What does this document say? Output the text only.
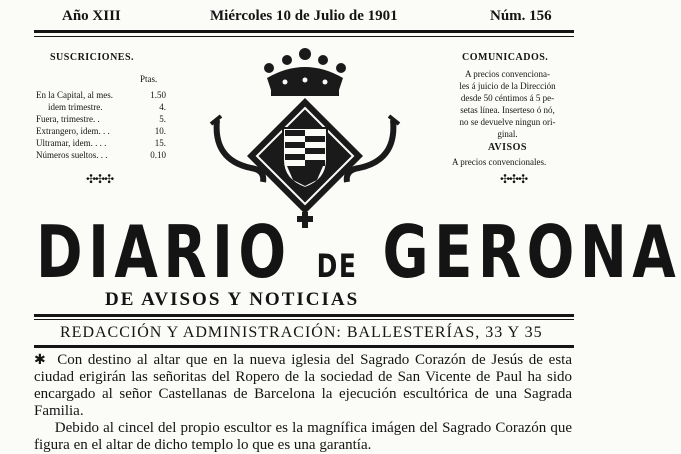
Año XIII	Miércoles 10 de Julio de 1901	Núm. 156
SUSCRICIONES.
Ptas.
En la Capital, al mes.	1.50
idem trimestre.	4.
Fuera, trimestre. .	5.
Extrangero, idem. . .	10.
Ultramar, idem. . . .	15.
Números sueltos. . .	0.10
✣✣✣
COMUNICADOS.
A precios convenciona-
les á juicio de la Dirección
desde 50 céntimos á 5 pe-
setas línea. Inserteso ó nó,
no se devuelve ningun ori-
ginal.
AVISOS
A precios convencionales.
✣✣✣
DIARIO DE GERONA
DE AVISOS Y NOTICIAS
REDACCIÓN Y ADMINISTRACIÓN: BALLESTERÍAS, 33 Y 35

✱ Con destino al altar que en la nueva iglesia del Sagrado Corazón de Jesús de esta ciudad erigirán las señoritas del Ropero de la sociedad de San Vicente de Paul ha sido encargado al señor Castellanas de Barcelona la ejecución escultórica de una Sagrada Familia.

Debido al cincel del propio escultor es la magnífica imágen del Sagrado Corazón que figura en el altar de dicho templo lo que es una garantía.
